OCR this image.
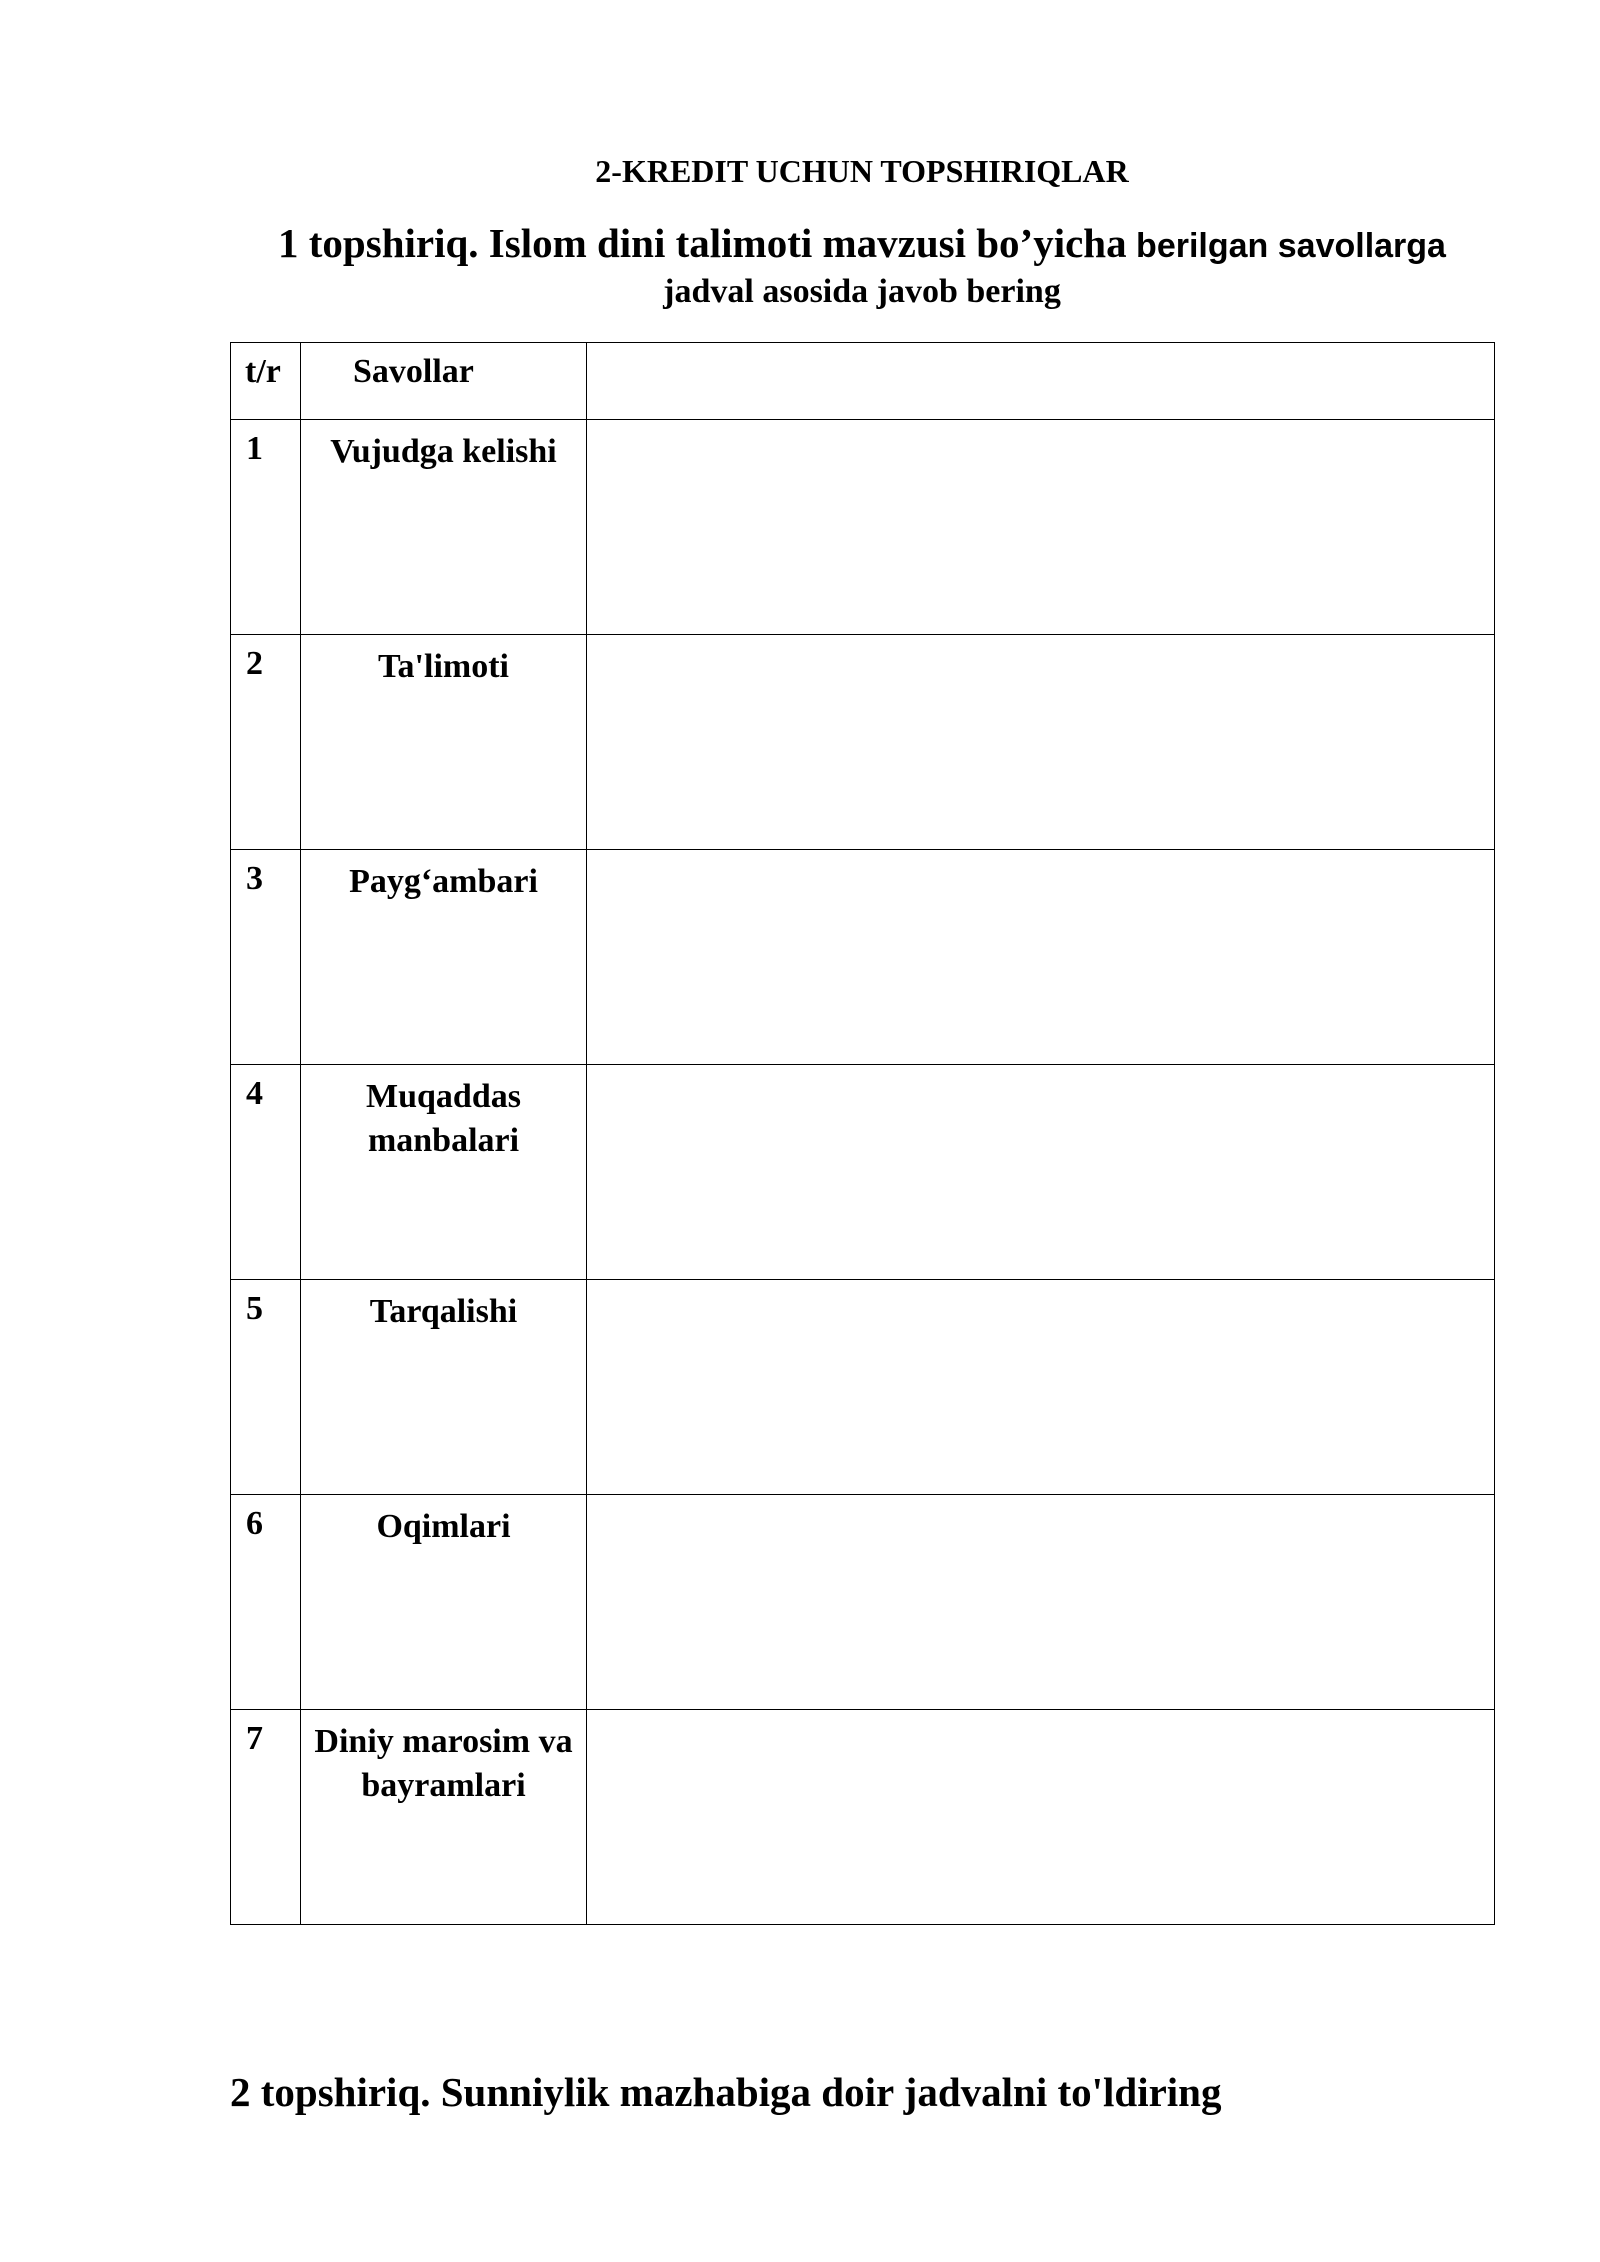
2-KREDIT UCHUN TOPSHIRIQLAR

1 topshiriq. Islom dini talimoti mavzusi bo’yicha berilgan savollarga
jadval asosida javob bering

t/r	Savollar	
1	Vujudga kelishi	
2	Ta'limoti	
3	Payg‘ambari	
4	Muqaddas manbalari	
5	Tarqalishi	
6	Oqimlari	
7	Diniy marosim va bayramlari	
2 topshiriq. Sunniylik mazhabiga doir jadvalni to'ldiring
